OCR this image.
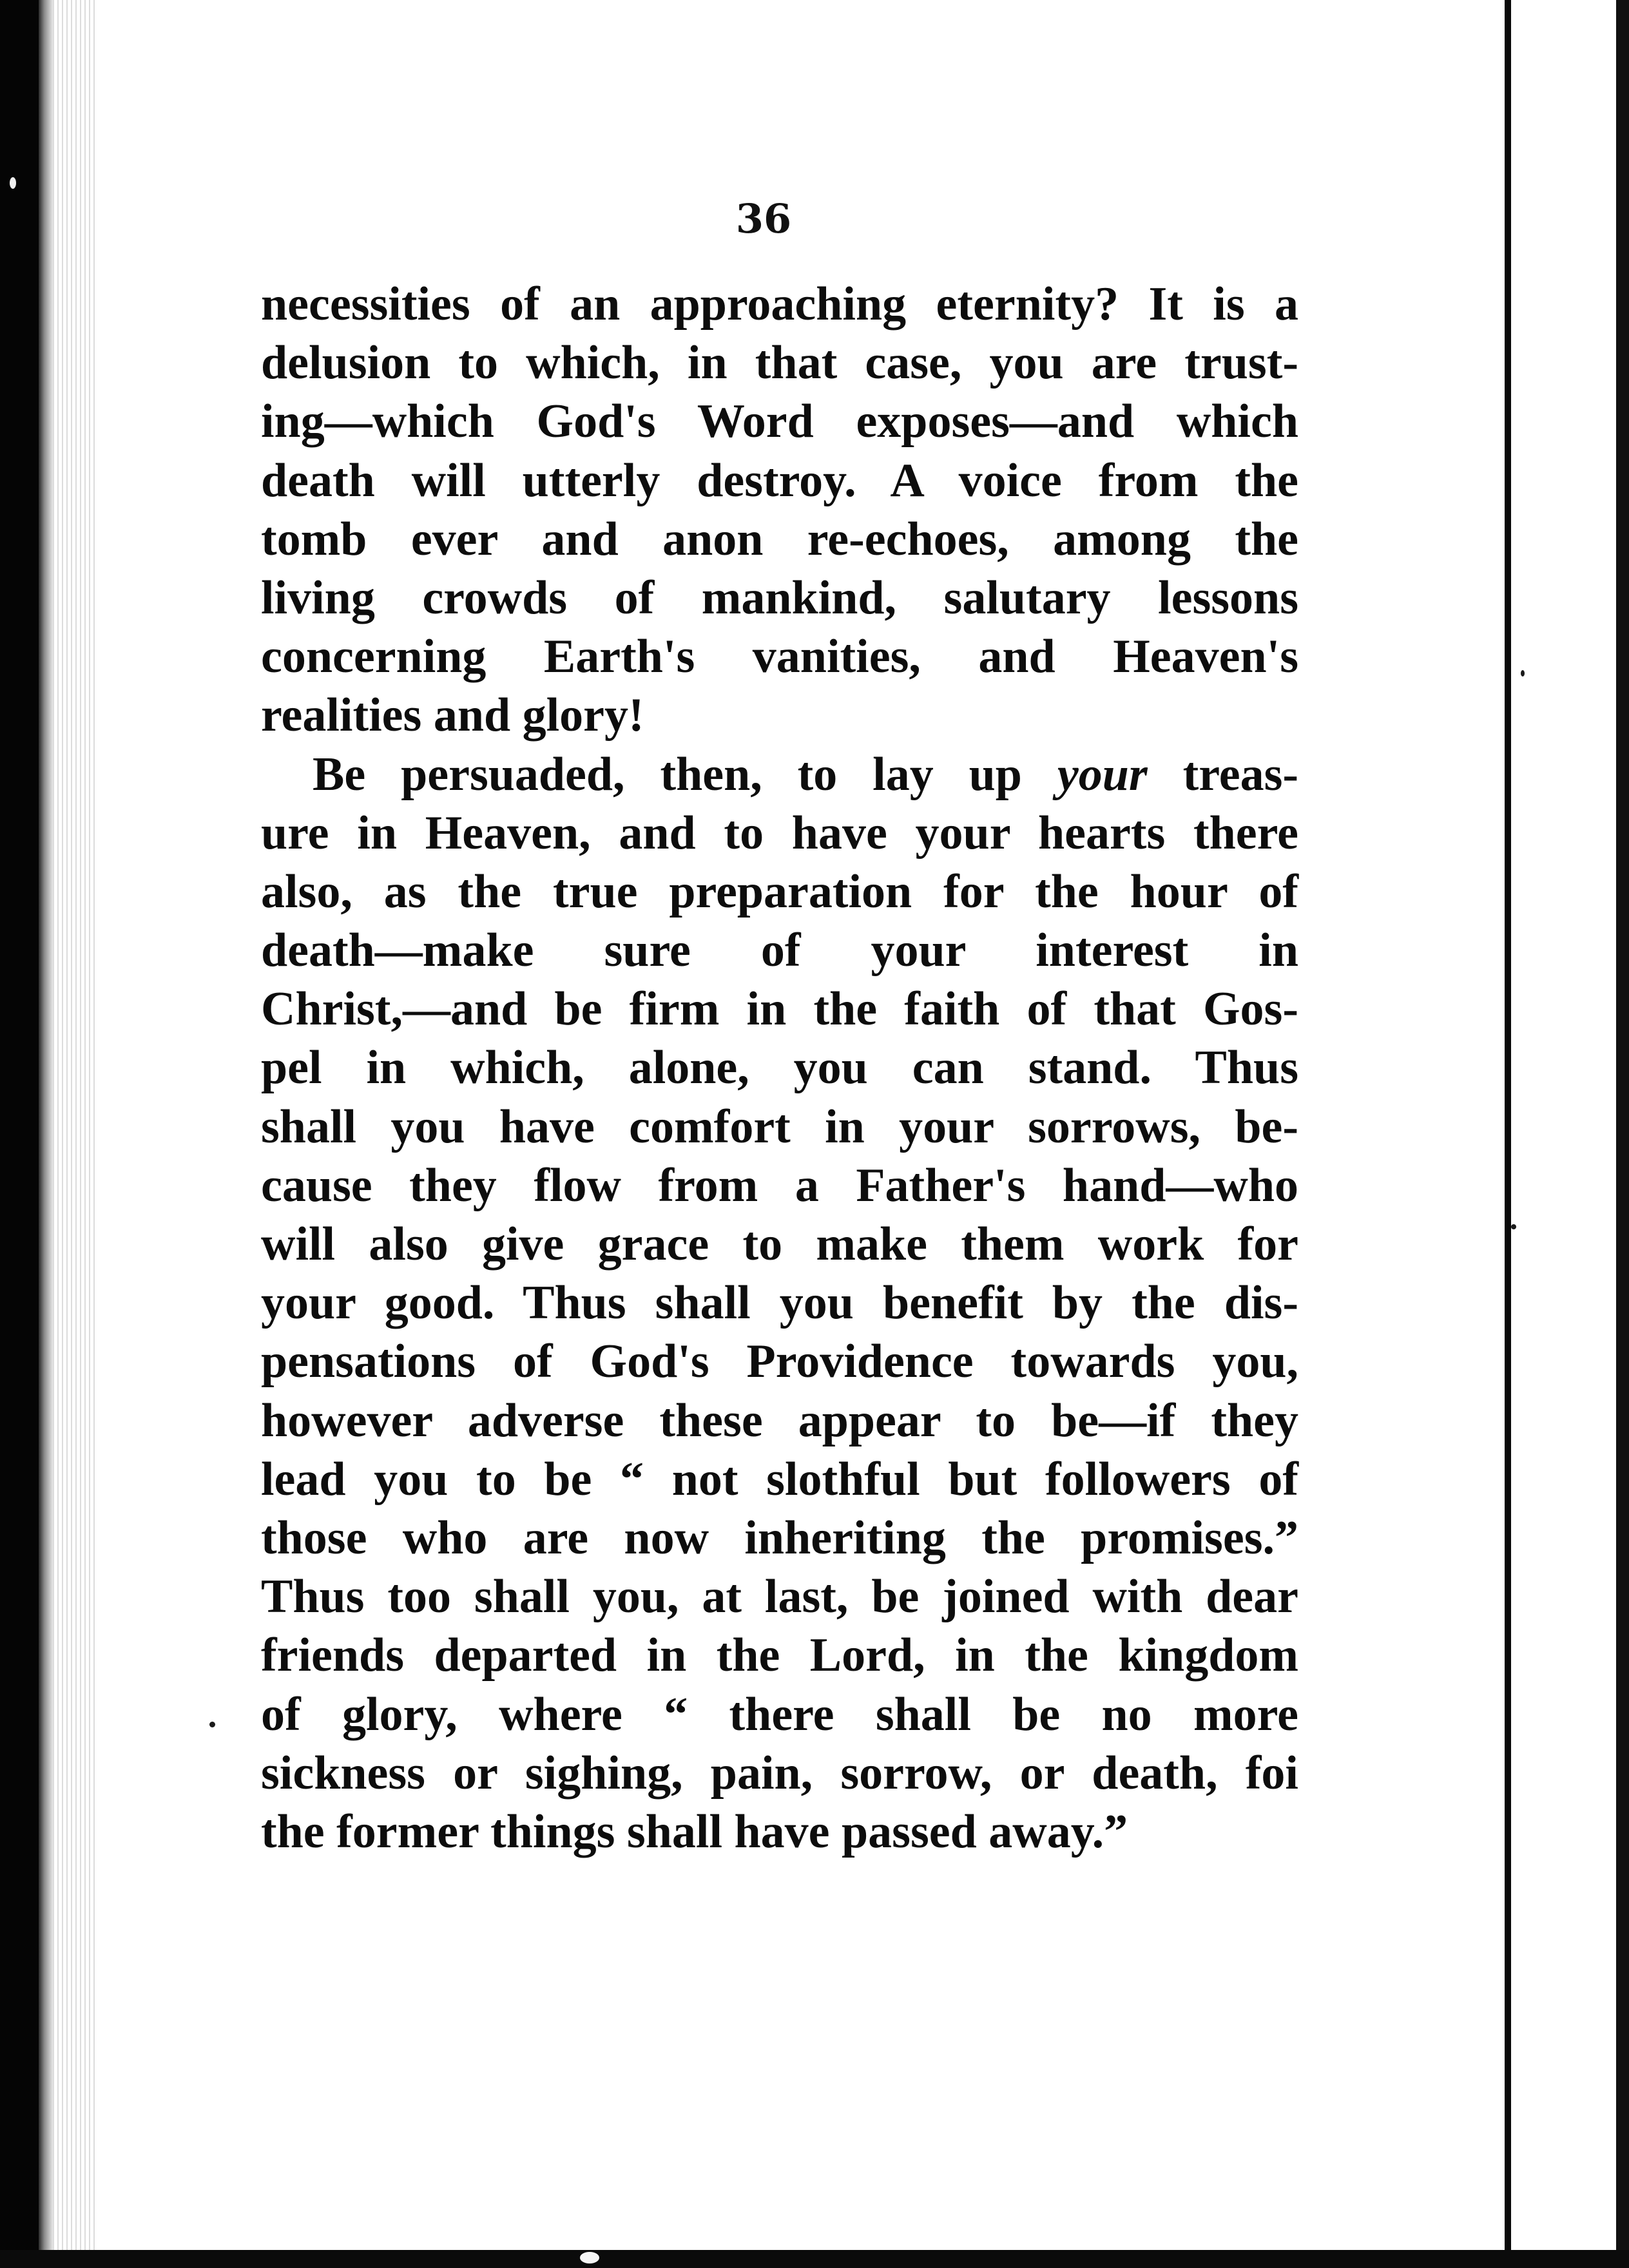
36
necessities of an approaching eternity? It is a
delusion to which, in that case, you are trust-
ing—which God's Word exposes—and which
death will utterly destroy. A voice from the
tomb ever and anon re-echoes, among the
living crowds of mankind, salutary lessons
concerning Earth's vanities, and Heaven's
realities and glory!
Be persuaded, then, to lay up your treas-
ure in Heaven, and to have your hearts there
also, as the true preparation for the hour of
death—make sure of your interest in
Christ,—and be firm in the faith of that Gos-
pel in which, alone, you can stand. Thus
shall you have comfort in your sorrows, be-
cause they flow from a Father's hand—who
will also give grace to make them work for
your good. Thus shall you benefit by the dis-
pensations of God's Providence towards you,
however adverse these appear to be—if they
lead you to be “ not slothful but followers of
those who are now inheriting the promises.”
Thus too shall you, at last, be joined with dear
friends departed in the Lord, in the kingdom
of glory, where “ there shall be no more
sickness or sighing, pain, sorrow, or death, foi
the former things shall have passed away.”
